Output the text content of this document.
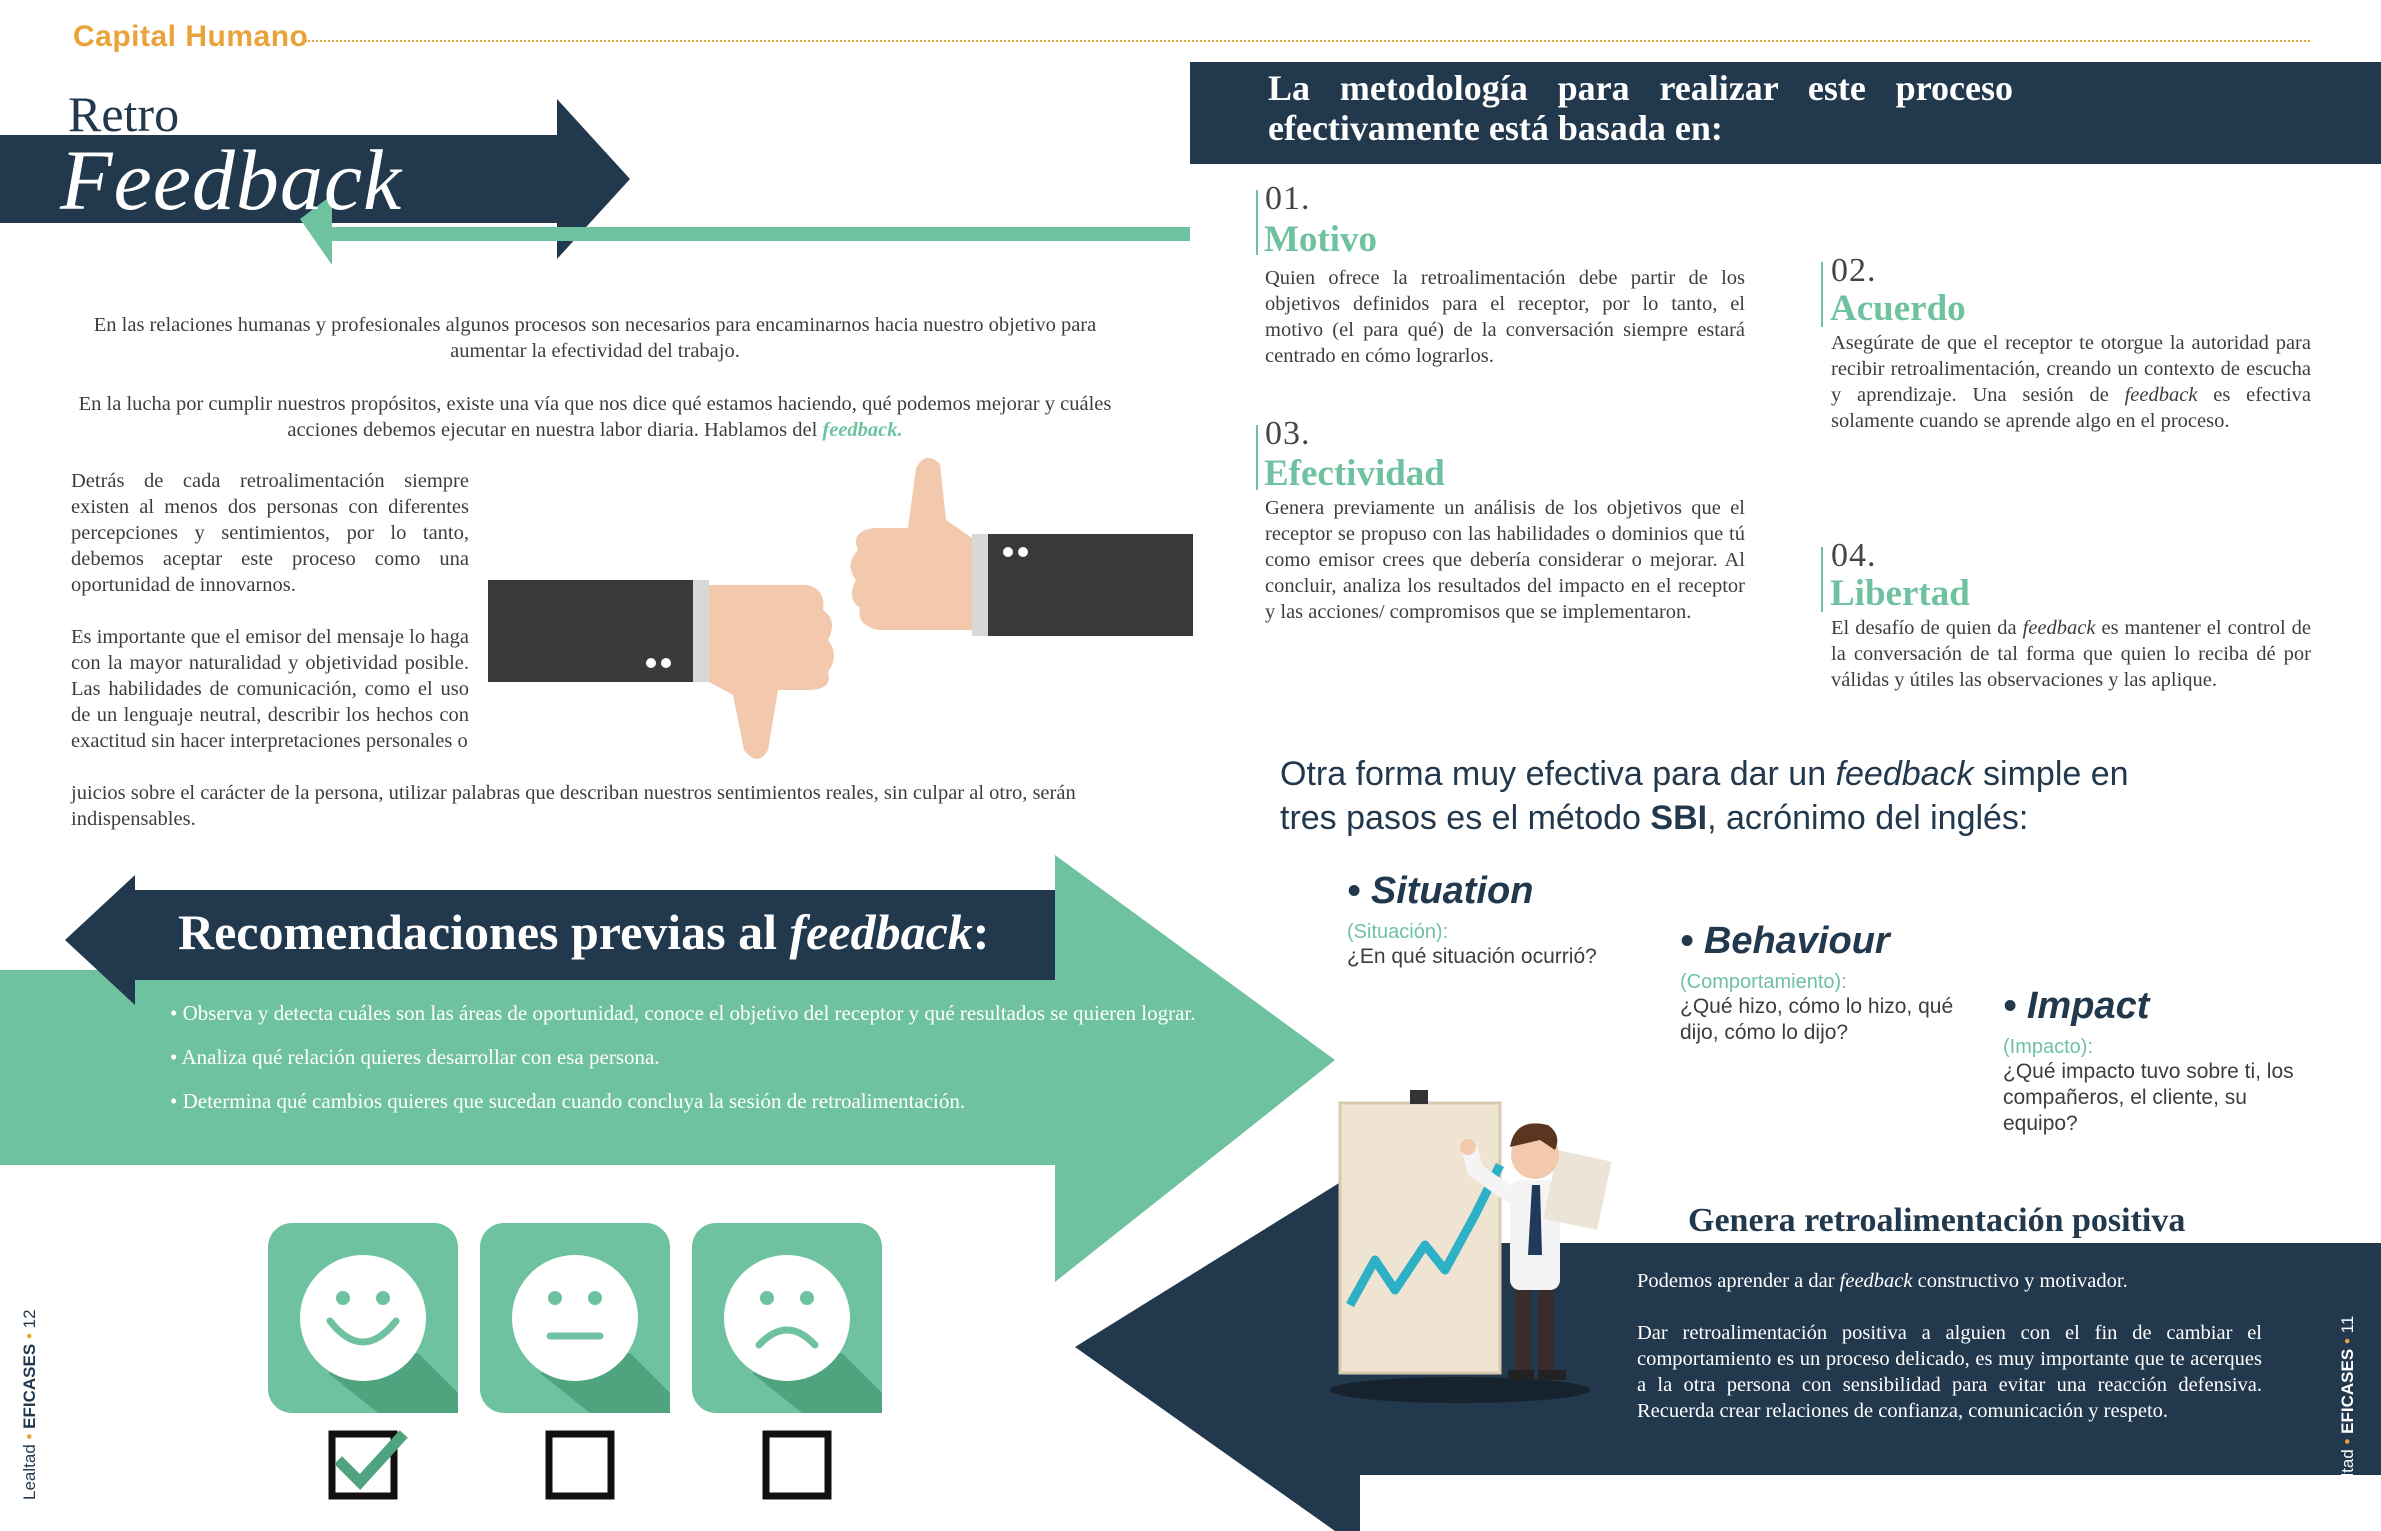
Capital Humano
Retro
Feedback
En las relaciones humanas y profesionales algunos procesos son necesarios para encaminarnos hacia nuestro objetivo para aumentar la efectividad del trabajo.
En la lucha por cumplir nuestros propósitos, existe una vía que nos dice qué estamos haciendo, qué podemos mejorar y cuáles acciones debemos ejecutar en nuestra labor diaria. Hablamos del feedback.
Detrás de cada retroalimentación siempre existen al menos dos personas con diferentes percepciones y sentimientos, por lo tanto, debemos aceptar este proceso como una oportunidad de innovarnos.
Es importante que el emisor del mensaje lo haga con la mayor naturalidad y objetividad posible. Las habilidades de comunicación, como el uso de un lenguaje neutral, describir los hechos con exactitud sin hacer interpretaciones personales o
juicios sobre el carácter de la persona, utilizar palabras que describan nuestros sentimientos reales, sin culpar al otro, serán indispensables.
Recomendaciones previas al feedback:
• Observa y detecta cuáles son las áreas de oportunidad, conoce el objetivo del receptor y qué resultados se quieren lograr.
• Analiza qué relación quieres desarrollar con esa persona.
• Determina qué cambios quieres que sucedan cuando concluya la sesión de retroalimentación.
Lealtad • EFICASES • 12
La metodología para realizar este proceso efectivamente está basada en:
01.
Motivo
Quien ofrece la retroalimentación debe partir de los objetivos definidos para el receptor, por lo tanto, el motivo (el para qué) de la conversación siempre estará centrado en cómo lograrlos.
02.
Acuerdo
Asegúrate de que el receptor te otorgue la autoridad para recibir retroalimentación, creando un contexto de escucha y aprendizaje. Una sesión de feedback es efectiva solamente cuando se aprende algo en el proceso.
03.
Efectividad
Genera previamente un análisis de los objetivos que el receptor se propuso con las habilidades o dominios que tú como emisor crees que debería considerar o mejorar. Al concluir, analiza los resultados del impacto en el receptor y las acciones/ compromisos que se implementaron.
04.
Libertad
El desafío de quien da feedback es mantener el control de la conversación de tal forma que quien lo reciba dé por válidas y útiles las observaciones y las aplique.
Otra forma muy efectiva para dar un feedback simple en tres pasos es el método SBI, acrónimo del inglés:
• Situation
(Situación):
¿En qué situación ocurrió?	• Behaviour
(Comportamiento):
¿Qué hizo, cómo lo hizo, qué dijo, cómo lo dijo?
• Impact
(Impacto):
¿Qué impacto tuvo sobre ti, los compañeros, el cliente, su equipo?
Genera retroalimentación positiva
Podemos aprender a dar feedback constructivo y motivador.
Dar retroalimentación positiva a alguien con el fin de cambiar el comportamiento es un proceso delicado, es muy importante que te acerques a la otra persona con sensibilidad para evitar una reacción defensiva. Recuerda crear relaciones de confianza, comunicación y respeto.
Lealtad • EFICASES • 11
